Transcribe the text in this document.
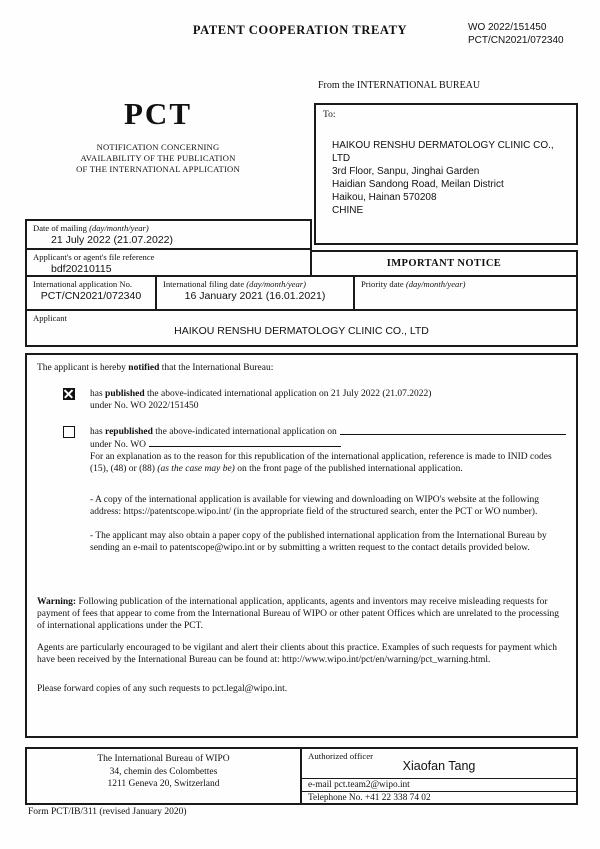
PATENT COOPERATION TREATY	WO 2022/151450
PCT/CN2021/072340
From the INTERNATIONAL BUREAU
PCT
NOTIFICATION CONCERNING
AVAILABILITY OF THE PUBLICATION
OF THE INTERNATIONAL APPLICATION
To:
HAIKOU RENSHU DERMATOLOGY CLINIC CO.,
LTD
3rd Floor, Sanpu, Jinghai Garden
Haidian Sandong Road, Meilan District
Haikou, Hainan 570208
CHINE
Date of mailing (day/month/year)
21 July 2022 (21.07.2022)
Applicant's or agent's file reference
bdf20210115	IMPORTANT NOTICE
International application No.
PCT/CN2021/072340
International filing date (day/month/year)
16 January 2021 (16.01.2021)
Priority date (day/month/year)
Applicant
HAIKOU RENSHU DERMATOLOGY CLINIC CO., LTD
The applicant is hereby notified that the International Bureau:
has published the above-indicated international application on 21 July 2022 (21.07.2022)
under No. WO 2022/151450
has republished the above-indicated international application on
under No. WO
For an explanation as to the reason for this republication of the international application, reference is made to INID codes (15), (48) or (88) (as the case may be) on the front page of the published international application.
- A copy of the international application is available for viewing and downloading on WIPO's website at the following address: https://patentscope.wipo.int/ (in the appropriate field of the structured search, enter the PCT or WO number).
- The applicant may also obtain a paper copy of the published international application from the International Bureau by sending an e-mail to patentscope@wipo.int or by submitting a written request to the contact details provided below.
Warning: Following publication of the international application, applicants, agents and inventors may receive misleading requests for payment of fees that appear to come from the International Bureau of WIPO or other patent Offices which are unrelated to the processing of international applications under the PCT.
Agents are particularly encouraged to be vigilant and alert their clients about this practice. Examples of such requests for payment which have been received by the International Bureau can be found at: http://www.wipo.int/pct/en/warning/pct_warning.html.
Please forward copies of any such requests to pct.legal@wipo.int.
The International Bureau of WIPO
34, chemin des Colombettes
1211 Geneva 20, Switzerland
Authorized officer
Xiaofan Tang
e-mail pct.team2@wipo.int
Telephone No. +41 22 338 74 02
Form PCT/IB/311 (revised January 2020)
